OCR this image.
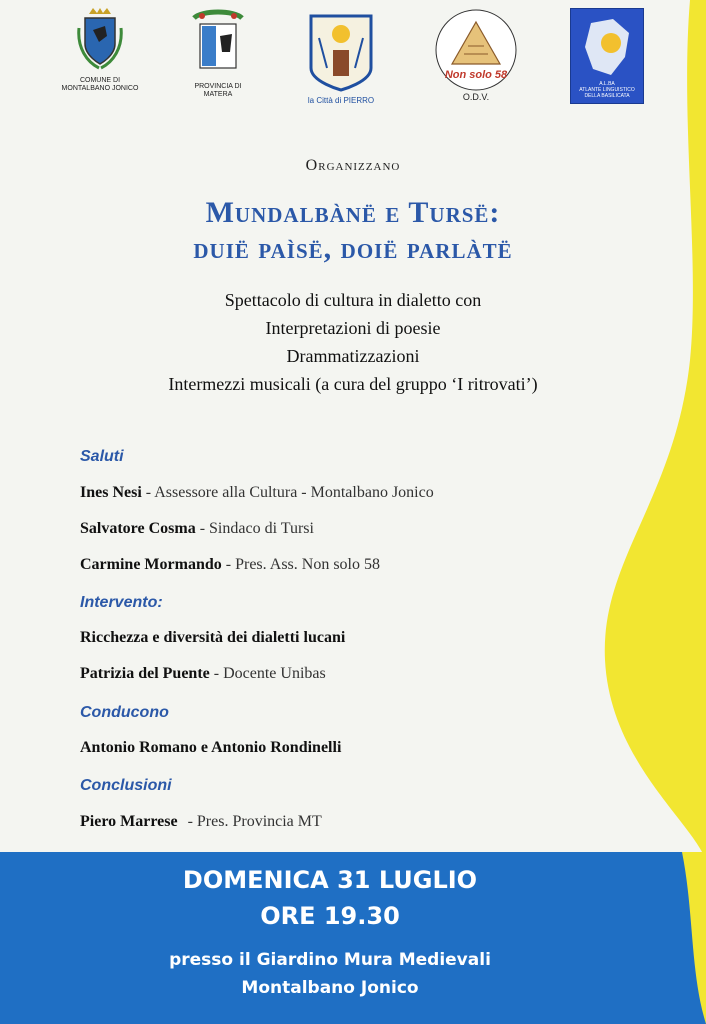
COMUNE DI
MONTALBANO JONICO	PROVINCIA DI
MATERA
la Città di PIERRO
Non solo 58
O.D.V.
A.L.BA
ATLANTE LINGUISTICO DELLA BASILICATA
Organizzano
Mundalbànë e Tursë:
duië paìsë, doië parlàtë
Spettacolo di cultura in dialetto con
Interpretazioni di poesie
Drammatizzazioni
Intermezzi musicali (a cura del gruppo ‘I ritrovati’)
Saluti
Ines Nesi - Assessore alla Cultura - Montalbano Jonico
Salvatore Cosma - Sindaco di Tursi
Carmine Mormando - Pres. Ass. Non solo 58
Intervento:
Ricchezza e diversità dei dialetti lucani
Patrizia del Puente - Docente Unibas
Conducono
Antonio Romano e Antonio Rondinelli
Conclusioni
Piero Marrese - Pres. Provincia MT
DOMENICA 31 LUGLIO
ORE 19.30
presso il Giardino Mura Medievali
Montalbano Jonico
